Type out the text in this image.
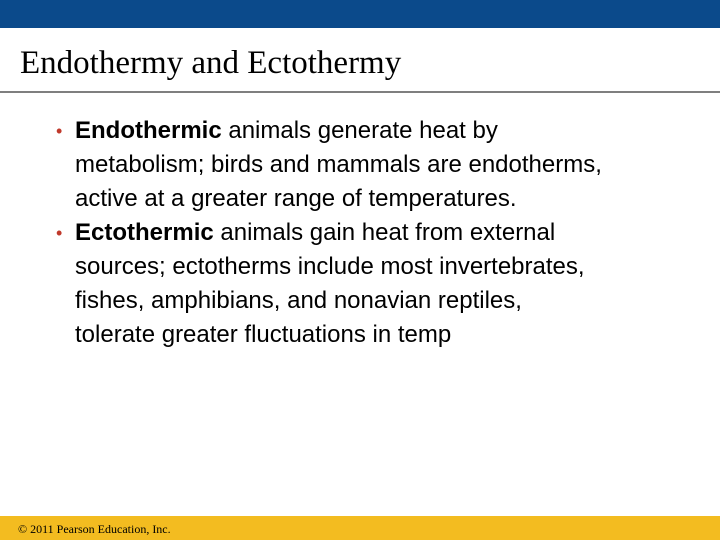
Endothermy and Ectothermy
• Endothermic animals generate heat by
metabolism; birds and mammals are endotherms,
active at a greater range of temperatures.
• Ectothermic animals gain heat from external
sources; ectotherms include most invertebrates,
fishes, amphibians, and nonavian reptiles,
tolerate greater fluctuations in temp
© 2011 Pearson Education, Inc.
